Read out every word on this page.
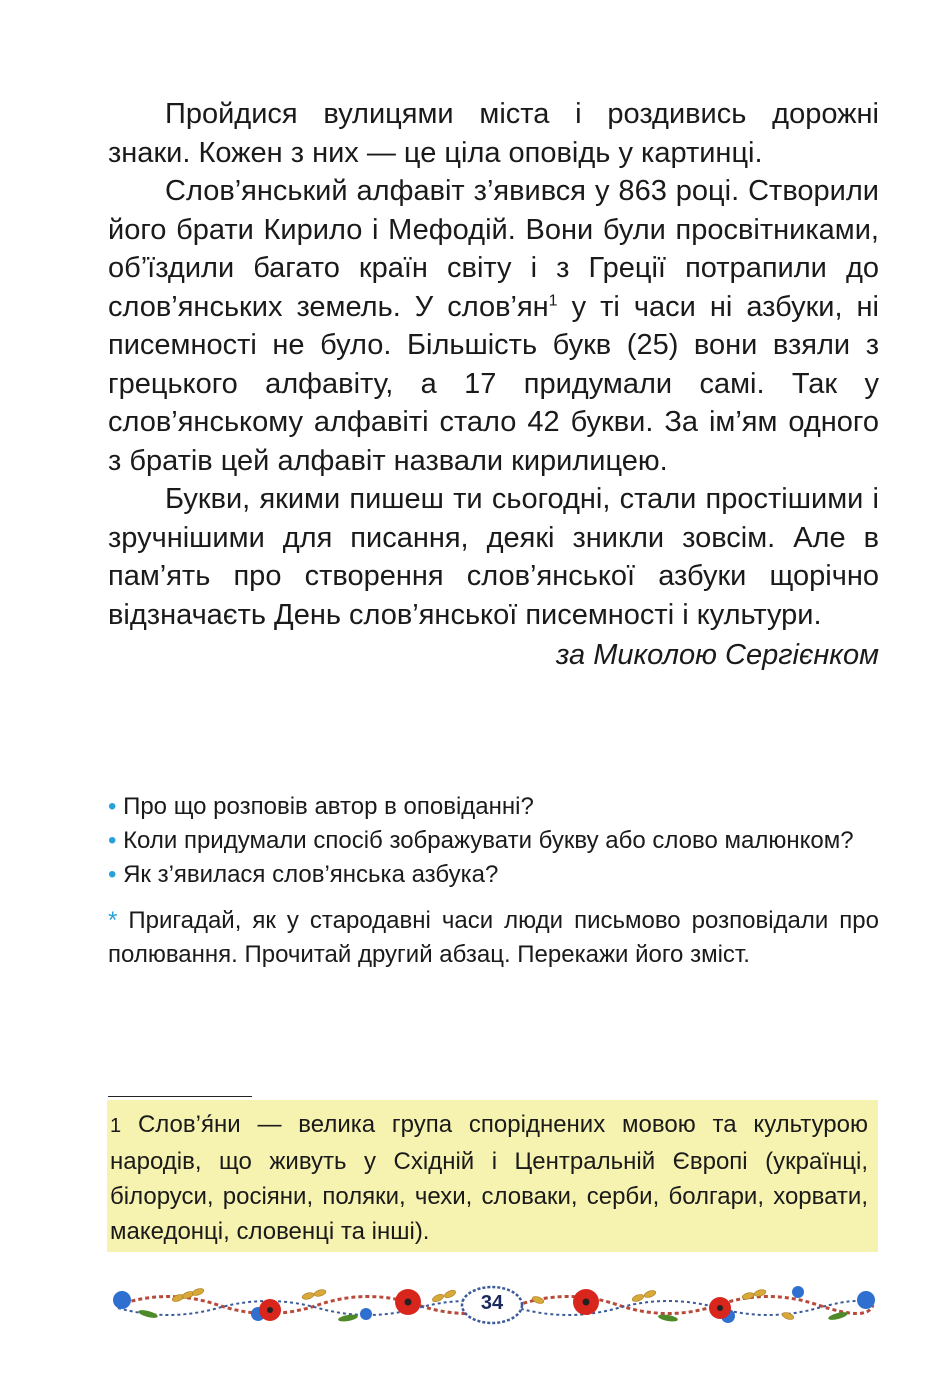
Пройдися вулицями міста і роздивись дорожні знаки. Кожен з них — це ціла оповідь у картинці.

Слов’янський алфавіт з’явився у 863 році. Створили його брати Кирило і Мефодій. Вони були просвітниками, об’їздили багато країн світу і з Греції потрапили до слов’янських земель. У $слов’ян^1$ у ті часи ні азбуки, ні писемності не було. Більшість букв (25) вони взяли з грецького алфавіту, а 17 придумали самі. Так у слов’янському алфавіті стало 42 букви. За ім’ям одного з братів цей алфавіт назвали кирилицею.

Букви, якими пишеш ти сьогодні, стали простішими і зручнішими для писання, деякі зникли зовсім. Але в пам’ять про створення слов’янської азбуки щорічно відзначаєть День слов’янської писемності і культури.

за Миколою Сергієнком

• Про що розповів автор в оповіданні?

• Коли придумали спосіб зображувати букву або слово малюнком?

• Як з’явилася слов’янська азбука?

* Пригадай, як у стародавні часи люди письмово розповідали про полювання. Прочитай другий абзац. Перекажи його зміст.

1 Слов’я́ни — велика група споріднених мовою та культурою народів, що живуть у Східній і Центральній Європі (українці, білоруси, росіяни, поляки, чехи, словаки, серби, болгари, хорвати, македонці, словенці та інші).
34
